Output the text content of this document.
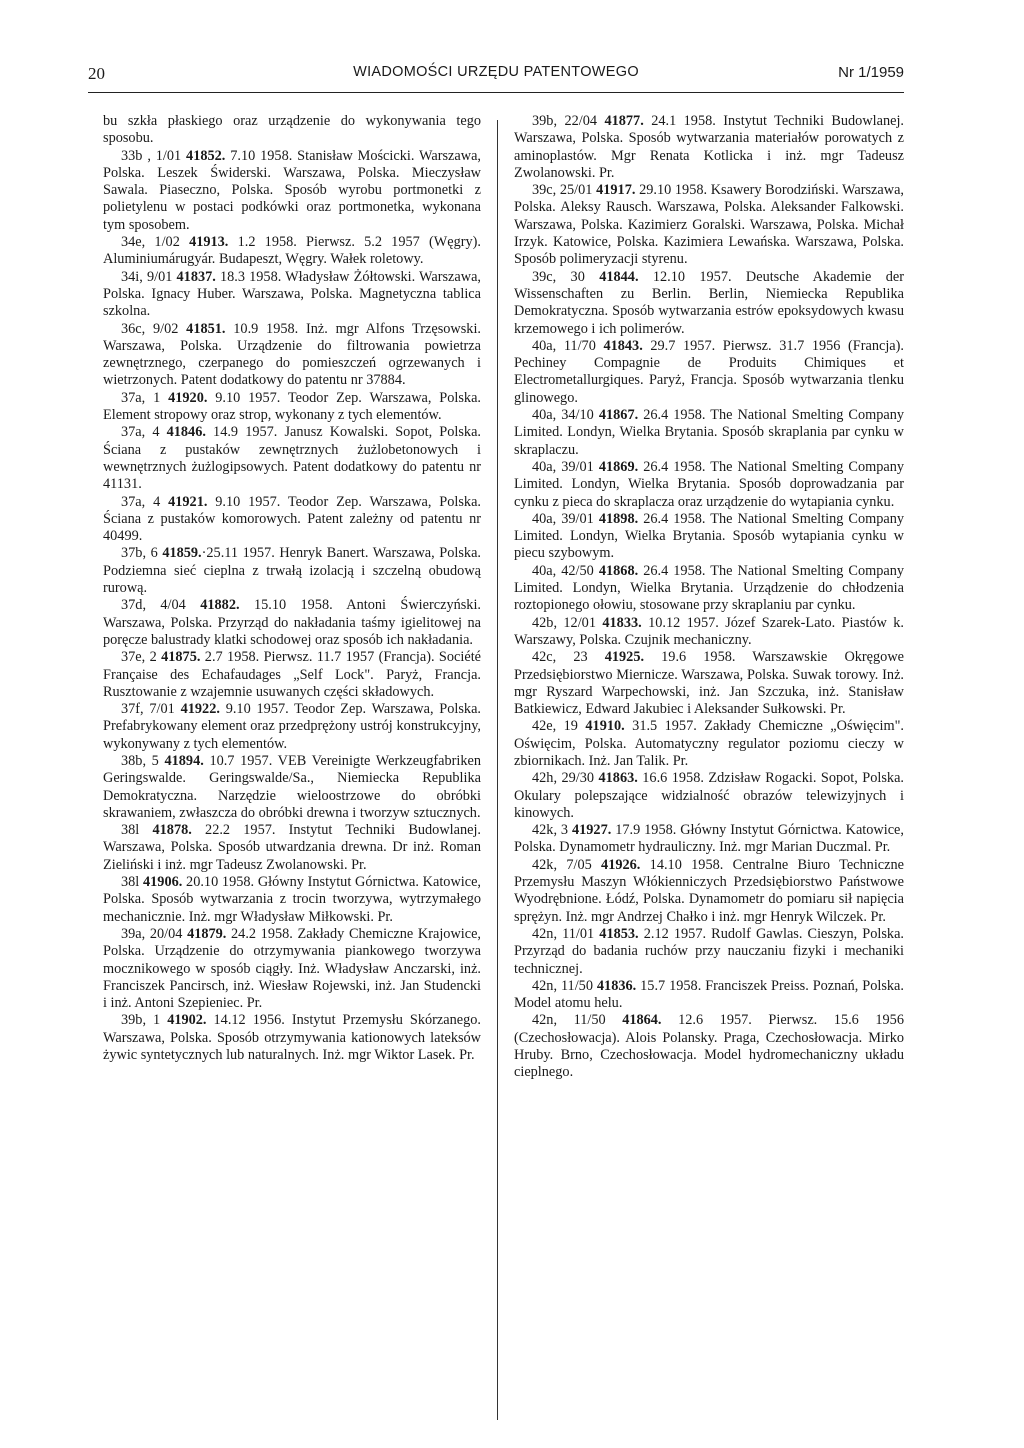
20	WIADOMOŚCI URZĘDU PATENTOWEGO	Nr 1/1959

bu szkła płaskiego oraz urządzenie do wykonywania tego sposobu.

33b , 1/01 41852. 7.10 1958. Stanisław Mościcki. Warszawa, Polska. Leszek Świderski. Warszawa, Polska. Mieczysław Sawala. Piaseczno, Polska. Sposób wyrobu portmonetki z polietylenu w postaci podkówki oraz portmonetka, wykonana tym sposobem.

34e, 1/02 41913. 1.2 1958. Pierwsz. 5.2 1957 (Węgry). Aluminiumárugyár. Budapeszt, Węgry. Wałek roletowy.

34i, 9/01 41837. 18.3 1958. Władysław Żółtowski. Warszawa, Polska. Ignacy Huber. Warszawa, Polska. Magnetyczna tablica szkolna.

36c, 9/02 41851. 10.9 1958. Inż. mgr Alfons Trzęsowski. Warszawa, Polska. Urządzenie do filtrowania powietrza zewnętrznego, czerpanego do pomieszczeń ogrzewanych i wietrzonych. Patent dodatkowy do patentu nr 37884.

37a, 1 41920. 9.10 1957. Teodor Zep. Warszawa, Polska. Element stropowy oraz strop, wykonany z tych elementów.

37a, 4 41846. 14.9 1957. Janusz Kowalski. Sopot, Polska. Ściana z pustaków zewnętrznych żużlobetonowych i wewnętrznych żużlogipsowych. Patent dodatkowy do patentu nr 41131.

37a, 4 41921. 9.10 1957. Teodor Zep. Warszawa, Polska. Ściana z pustaków komorowych. Patent zależny od patentu nr 40499.

37b, 6 41859.·25.11 1957. Henryk Banert. Warszawa, Polska. Podziemna sieć cieplna z trwałą izolacją i szczelną obudową rurową.

37d, 4/04 41882. 15.10 1958. Antoni Świerczyński. Warszawa, Polska. Przyrząd do nakładania taśmy igielitowej na poręcze balustrady klatki schodowej oraz sposób ich nakładania.

37e, 2 41875. 2.7 1958. Pierwsz. 11.7 1957 (Francja). Société Française des Echafaudages „Self Lock". Paryż, Francja. Rusztowanie z wzajemnie usuwanych części składowych.

37f, 7/01 41922. 9.10 1957. Teodor Zep. Warszawa, Polska. Prefabrykowany element oraz przedprężony ustrój konstrukcyjny, wykonywany z tych elementów.

38b, 5 41894. 10.7 1957. VEB Vereinigte Werkzeugfabriken Geringswalde. Geringswalde/Sa., Niemiecka Republika Demokratyczna. Narzędzie wieloostrzowe do obróbki skrawaniem, zwłaszcza do obróbki drewna i tworzyw sztucznych.

38l 41878. 22.2 1957. Instytut Techniki Budowlanej. Warszawa, Polska. Sposób utwardzania drewna. Dr inż. Roman Zieliński i inż. mgr Tadeusz Zwolanowski. Pr.

38l 41906. 20.10 1958. Główny Instytut Górnictwa. Katowice, Polska. Sposób wytwarzania z trocin tworzywa, wytrzymałego mechanicznie. Inż. mgr Władysław Miłkowski. Pr.

39a, 20/04 41879. 24.2 1958. Zakłady Chemiczne Krajowice, Polska. Urządzenie do otrzymywania piankowego tworzywa mocznikowego w sposób ciągły. Inż. Władysław Anczarski, inż. Franciszek Pancirsch, inż. Wiesław Rojewski, inż. Jan Studencki i inż. Antoni Szepieniec. Pr.

39b, 1 41902. 14.12 1956. Instytut Przemysłu Skórzanego. Warszawa, Polska. Sposób otrzymywania kationowych lateksów żywic syntetycznych lub naturalnych. Inż. mgr Wiktor Lasek. Pr.

39b, 22/04 41877. 24.1 1958. Instytut Techniki Budowlanej. Warszawa, Polska. Sposób wytwarzania materiałów porowatych z aminoplastów. Mgr Renata Kotlicka i inż. mgr Tadeusz Zwolanowski. Pr.

39c, 25/01 41917. 29.10 1958. Ksawery Borodziński. Warszawa, Polska. Aleksy Rausch. Warszawa, Polska. Aleksander Falkowski. Warszawa, Polska. Kazimierz Goralski. Warszawa, Polska. Michał Irzyk. Katowice, Polska. Kazimiera Lewańska. Warszawa, Polska. Sposób polimeryzacji styrenu.

39c, 30 41844. 12.10 1957. Deutsche Akademie der Wissenschaften zu Berlin. Berlin, Niemiecka Republika Demokratyczna. Sposób wytwarzania estrów epoksydowych kwasu krzemowego i ich polimerów.

40a, 11/70 41843. 29.7 1957. Pierwsz. 31.7 1956 (Francja). Pechiney Compagnie de Produits Chimiques et Electrometallurgiques. Paryż, Francja. Sposób wytwarzania tlenku glinowego.

40a, 34/10 41867. 26.4 1958. The National Smelting Company Limited. Londyn, Wielka Brytania. Sposób skraplania par cynku w skraplaczu.

40a, 39/01 41869. 26.4 1958. The National Smelting Company Limited. Londyn, Wielka Brytania. Sposób doprowadzania par cynku z pieca do skraplacza oraz urządzenie do wytapiania cynku.

40a, 39/01 41898. 26.4 1958. The National Smelting Company Limited. Londyn, Wielka Brytania. Sposób wytapiania cynku w piecu szybowym.

40a, 42/50 41868. 26.4 1958. The National Smelting Company Limited. Londyn, Wielka Brytania. Urządzenie do chłodzenia roztopionego ołowiu, stosowane przy skraplaniu par cynku.

42b, 12/01 41833. 10.12 1957. Józef Szarek-Lato. Piastów k. Warszawy, Polska. Czujnik mechaniczny.

42c, 23 41925. 19.6 1958. Warszawskie Okręgowe Przedsiębiorstwo Miernicze. Warszawa, Polska. Suwak torowy. Inż. mgr Ryszard Warpechowski, inż. Jan Szczuka, inż. Stanisław Batkiewicz, Edward Jakubiec i Aleksander Sułkowski. Pr.

42e, 19 41910. 31.5 1957. Zakłady Chemiczne „Oświęcim". Oświęcim, Polska. Automatyczny regulator poziomu cieczy w zbiornikach. Inż. Jan Talik. Pr.

42h, 29/30 41863. 16.6 1958. Zdzisław Rogacki. Sopot, Polska. Okulary polepszające widzialność obrazów telewizyjnych i kinowych.

42k, 3 41927. 17.9 1958. Główny Instytut Górnictwa. Katowice, Polska. Dynamometr hydrauliczny. Inż. mgr Marian Duczmal. Pr.

42k, 7/05 41926. 14.10 1958. Centralne Biuro Techniczne Przemysłu Maszyn Włókienniczych Przedsiębiorstwo Państwowe Wyodrębnione. Łódź, Polska. Dynamometr do pomiaru sił napięcia sprężyn. Inż. mgr Andrzej Chałko i inż. mgr Henryk Wilczek. Pr.

42n, 11/01 41853. 2.12 1957. Rudolf Gawlas. Cieszyn, Polska. Przyrząd do badania ruchów przy nauczaniu fizyki i mechaniki technicznej.

42n, 11/50 41836. 15.7 1958. Franciszek Preiss. Poznań, Polska. Model atomu helu.

42n, 11/50 41864. 12.6 1957. Pierwsz. 15.6 1956 (Czechosłowacja). Alois Polansky. Praga, Czechosłowacja. Mirko Hruby. Brno, Czechosłowacja. Model hydromechaniczny układu cieplnego.
